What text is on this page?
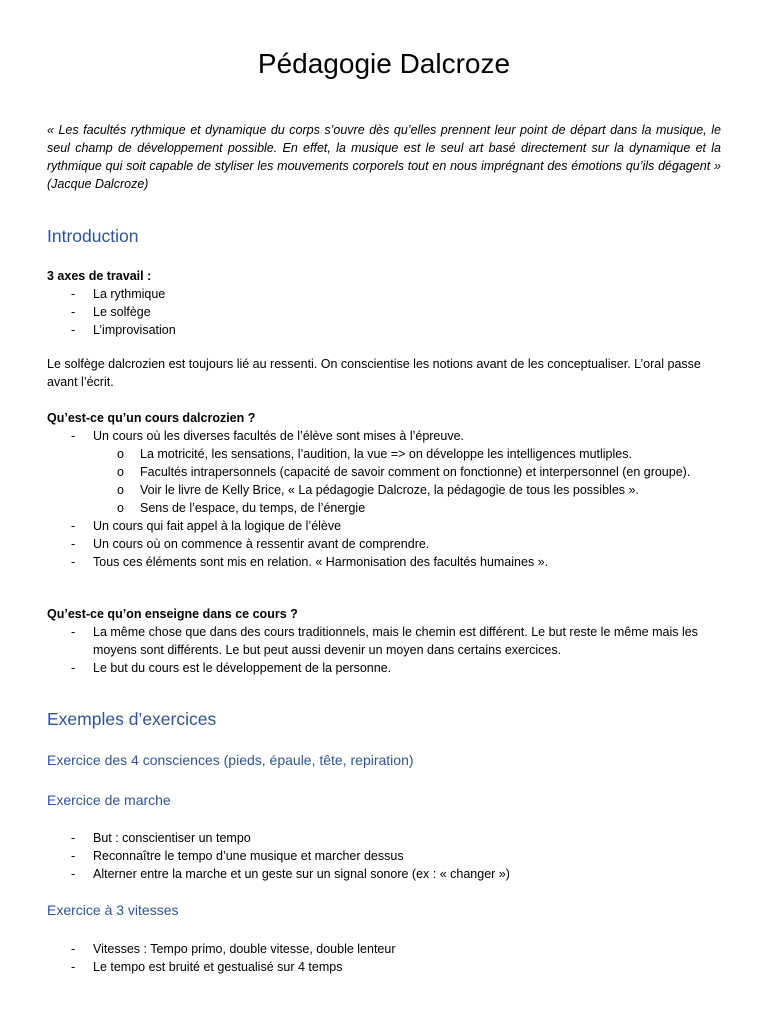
Pédagogie Dalcroze

« Les facultés rythmique et dynamique du corps s’ouvre dès qu’elles prennent leur point de départ dans la musique, le seul champ de développement possible. En effet, la musique est le seul art basé directement sur la dynamique et la rythmique qui soit capable de styliser les mouvements corporels tout en nous imprégnant des émotions qu’ils dégagent » (Jacque Dalcroze)

Introduction

3 axes de travail :

- La rythmique
- Le solfège
- L’improvisation

Le solfège dalcrozien est toujours lié au ressenti. On conscientise les notions avant de les conceptualiser. L’oral passe avant l’écrit.

Qu’est-ce qu’un cours dalcrozien ?

- Un cours où les diverses facultés de l’élève sont mises à l’épreuve.
o La motricité, les sensations, l’audition, la vue => on développe les intelligences mutliples.
o Facultés intrapersonnels (capacité de savoir comment on fonctionne) et interpersonnel (en groupe).
o Voir le livre de Kelly Brice, « La pédagogie Dalcroze, la pédagogie de tous les possibles ».
o Sens de l’espace, du temps, de l’énergie
- Un cours qui fait appel à la logique de l’élève
- Un cours où on commence à ressentir avant de comprendre.
- Tous ces éléments sont mis en relation. « Harmonisation des facultés humaines ».

Qu’est-ce qu’on enseigne dans ce cours ?

- La même chose que dans des cours traditionnels, mais le chemin est différent. Le but reste le même mais les moyens sont différents. Le but peut aussi devenir un moyen dans certains exercices.
- Le but du cours est le développement de la personne.
Exemples d’exercices
Exercice des 4 consciences (pieds, épaule, tête, repiration)
Exercice de marche
- But : conscientiser un tempo
- Reconnaître le tempo d’une musique et marcher dessus
- Alterner entre la marche et un geste sur un signal sonore (ex : « changer »)
Exercice à 3 vitesses
- Vitesses : Tempo primo, double vitesse, double lenteur
- Le tempo est bruité et gestualisé sur 4 temps
